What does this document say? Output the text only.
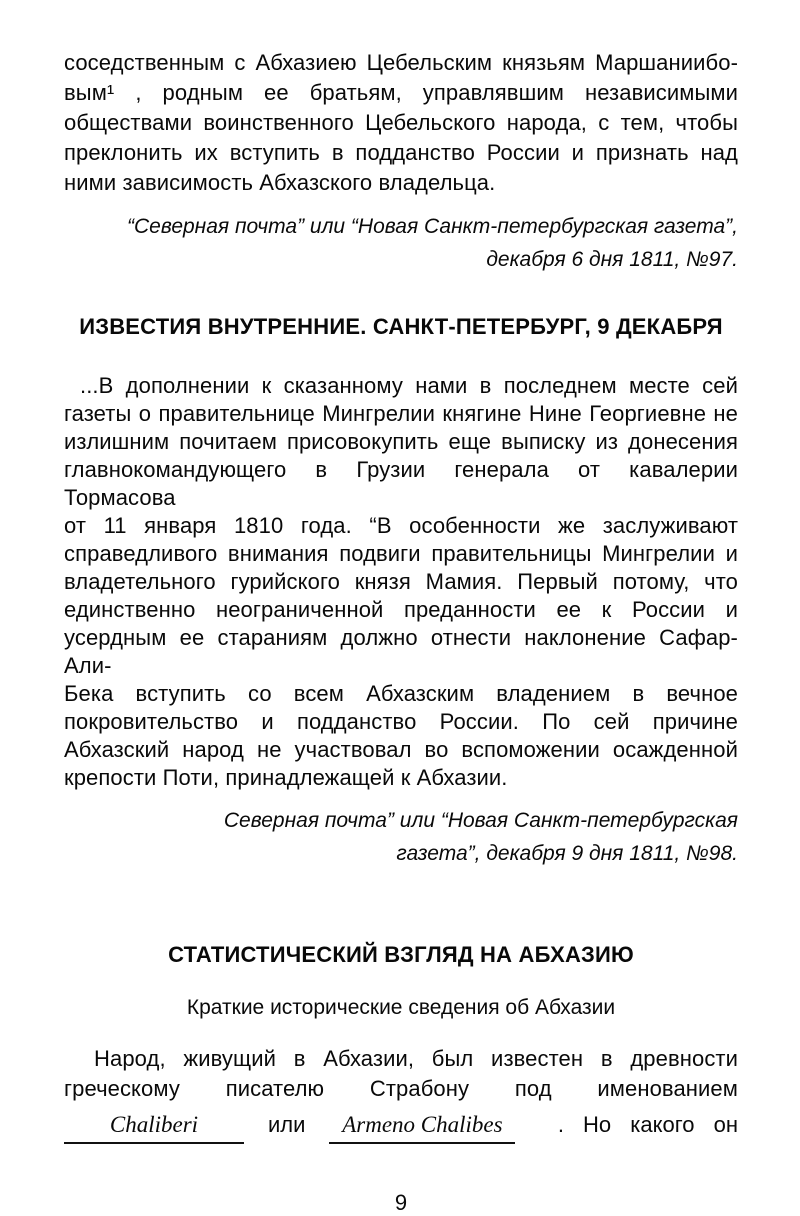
соседственным с Абхазиею Цебельским князьям Маршаниибо-
вым¹ , родным ее братьям, управлявшим независимыми
обществами воинственного Цебельского народа, с тем, чтобы
преклонить их вступить в подданство России и признать над
ними зависимость Абхазского владельца.
“Северная почта” или “Новая Санкт-петербургская газета”,
декабря 6 дня 1811, №97.
ИЗВЕСТИЯ ВНУТРЕННИЕ. САНКТ-ПЕТЕРБУРГ, 9 ДЕКАБРЯ
...В дополнении к сказанному нами в последнем месте сей
газеты о правительнице Мингрелии княгине Нине Георгиевне не
излишним почитаем присовокупить еще выписку из донесения
главнокомандующего в Грузии генерала от кавалерии Тормасова
от 11 января 1810 года. “В особенности же заслуживают
справедливого внимания подвиги правительницы Мингрелии и
владетельного гурийского князя Мамия. Первый потому, что
единственно неограниченной преданности ее к России и
усердным ее стараниям должно отнести наклонение Сафар-Али-
Бека вступить со всем Абхазским владением в вечное
покровительство и подданство России. По сей причине
Абхазский народ не участвовал во вспоможении осажденной
крепости Поти, принадлежащей к Абхазии.
Северная почта” или “Новая Санкт-петербургская
газета”, декабря 9 дня 1811, №98.
СТАТИСТИЧЕСКИЙ ВЗГЛЯД НА АБХАЗИЮ
Краткие исторические сведения об Абхазии
Народ, живущий в Абхазии, был известен в древности
греческому писателю Страбону под именованием
Chaliberi	или	Armeno Chalibes	. Но какого он
9
